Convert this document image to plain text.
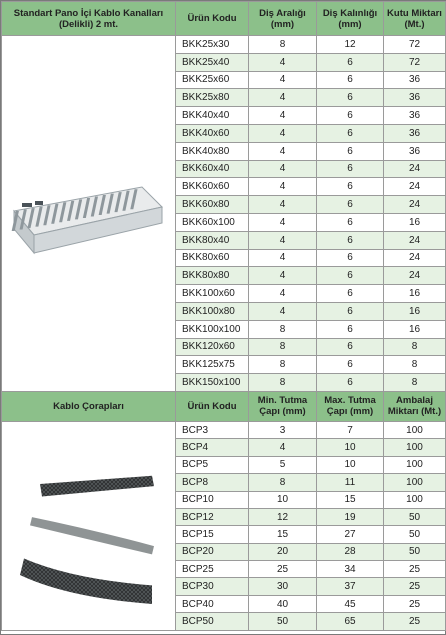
Standart Pano İçi Kablo Kanalları (Delikli) 2 mt.	Ürün Kodu	Diş Aralığı (mm)	Diş Kalınlığı (mm)	Kutu Miktarı (Mt.)

	BKK25x30	8	12	72
	BKK25x40	4	6	72
	BKK25x60	4	6	36
	BKK25x80	4	6	36
	BKK40x40	4	6	36
	BKK40x60	4	6	36
	BKK40x80	4	6	36
	BKK60x40	4	6	24
	BKK60x60	4	6	24
	BKK60x80	4	6	24
	BKK60x100	4	6	16
	BKK80x40	4	6	24
	BKK80x60	4	6	24
	BKK80x80	4	6	24
	BKK100x60	4	6	16
	BKK100x80	4	6	16
	BKK100x100	8	6	16
	BKK120x60	8	6	8
	BKK125x75	8	6	8
	BKK150x100	8	6	8
Kablo Çorapları	Ürün Kodu	Min. Tutma Çapı (mm)	Max. Tutma Çapı (mm)	Ambalaj Miktarı (Mt.)

	BCP3	3	7	100
	BCP4	4	10	100
	BCP5	5	10	100
	BCP8	8	11	100
	BCP10	10	15	100
	BCP12	12	19	50
	BCP15	15	27	50
	BCP20	20	28	50
	BCP25	25	34	25
	BCP30	30	37	25
	BCP40	40	45	25
	BCP50	50	65	25
